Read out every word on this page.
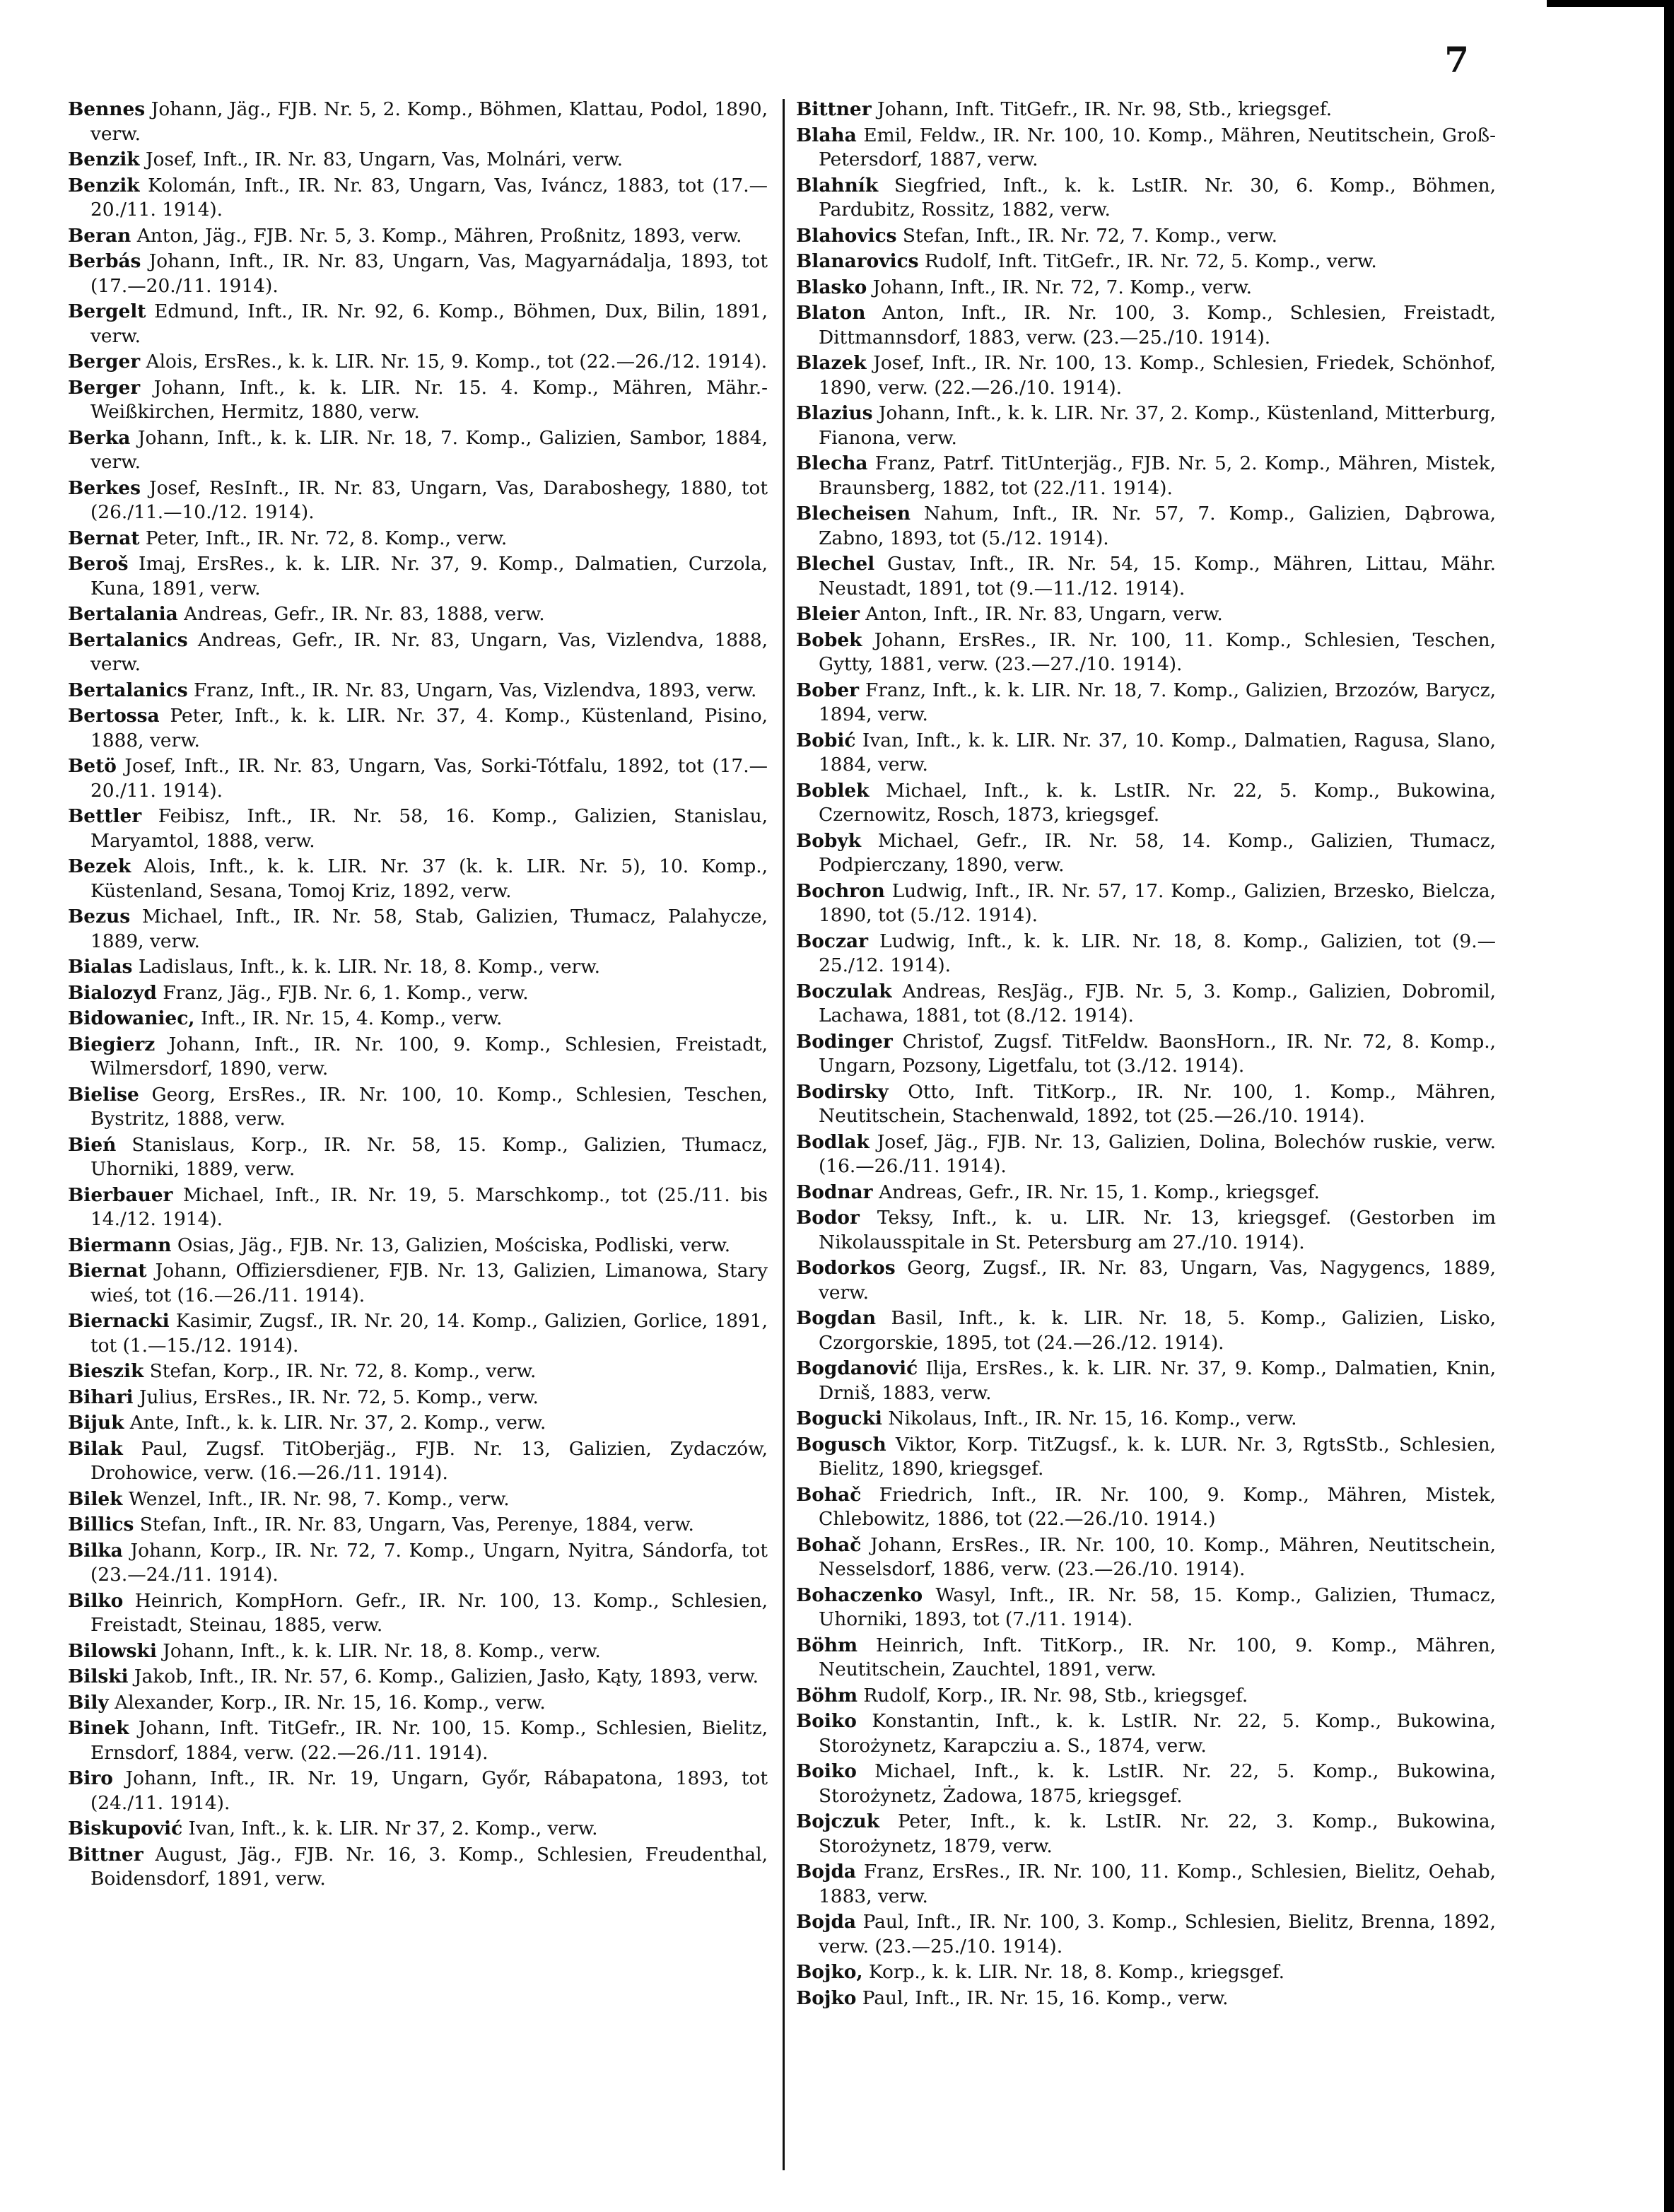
7

Bennes Johann, Jäg., FJB. Nr. 5, 2. Komp., Böhmen, Klattau, Podol, 1890, verw.

Benzik Josef, Inft., IR. Nr. 83, Ungarn, Vas, Molnári, verw.

Benzik Kolomán, Inft., IR. Nr. 83, Ungarn, Vas, Iváncz, 1883, tot (17.—20./11. 1914).

Beran Anton, Jäg., FJB. Nr. 5, 3. Komp., Mähren, Proßnitz, 1893, verw.

Berbás Johann, Inft., IR. Nr. 83, Ungarn, Vas, Magyarnádalja, 1893, tot (17.—20./11. 1914).

Bergelt Edmund, Inft., IR. Nr. 92, 6. Komp., Böhmen, Dux, Bilin, 1891, verw.

Berger Alois, ErsRes., k. k. LIR. Nr. 15, 9. Komp., tot (22.—26./12. 1914).

Berger Johann, Inft., k. k. LIR. Nr. 15. 4. Komp., Mähren, Mähr.-Weißkirchen, Hermitz, 1880, verw.

Berka Johann, Inft., k. k. LIR. Nr. 18, 7. Komp., Galizien, Sambor, 1884, verw.

Berkes Josef, ResInft., IR. Nr. 83, Ungarn, Vas, Daraboshegy, 1880, tot (26./11.—10./12. 1914).

Bernat Peter, Inft., IR. Nr. 72, 8. Komp., verw.

Beroš Imaj, ErsRes., k. k. LIR. Nr. 37, 9. Komp., Dalmatien, Curzola, Kuna, 1891, verw.

Bertalania Andreas, Gefr., IR. Nr. 83, 1888, verw.

Bertalanics Andreas, Gefr., IR. Nr. 83, Ungarn, Vas, Vizlendva, 1888, verw.

Bertalanics Franz, Inft., IR. Nr. 83, Ungarn, Vas, Vizlendva, 1893, verw.

Bertossa Peter, Inft., k. k. LIR. Nr. 37, 4. Komp., Küstenland, Pisino, 1888, verw.

Betö Josef, Inft., IR. Nr. 83, Ungarn, Vas, Sorki-Tótfalu, 1892, tot (17.—20./11. 1914).

Bettler Feibisz, Inft., IR. Nr. 58, 16. Komp., Galizien, Stanislau, Maryamtol, 1888, verw.

Bezek Alois, Inft., k. k. LIR. Nr. 37 (k. k. LIR. Nr. 5), 10. Komp., Küstenland, Sesana, Tomoj Kriz, 1892, verw.

Bezus Michael, Inft., IR. Nr. 58, Stab, Galizien, Tłumacz, Palahycze, 1889, verw.

Bialas Ladislaus, Inft., k. k. LIR. Nr. 18, 8. Komp., verw.

Bialozyd Franz, Jäg., FJB. Nr. 6, 1. Komp., verw.

Bidowaniec, Inft., IR. Nr. 15, 4. Komp., verw.

Biegierz Johann, Inft., IR. Nr. 100, 9. Komp., Schlesien, Freistadt, Wilmersdorf, 1890, verw.

Bielise Georg, ErsRes., IR. Nr. 100, 10. Komp., Schlesien, Teschen, Bystritz, 1888, verw.

Bień Stanislaus, Korp., IR. Nr. 58, 15. Komp., Galizien, Tłumacz, Uhorniki, 1889, verw.

Bierbauer Michael, Inft., IR. Nr. 19, 5. Marschkomp., tot (25./11. bis 14./12. 1914).

Biermann Osias, Jäg., FJB. Nr. 13, Galizien, Mościska, Podliski, verw.

Biernat Johann, Offiziersdiener, FJB. Nr. 13, Galizien, Limanowa, Stary wieś, tot (16.—26./11. 1914).

Biernacki Kasimir, Zugsf., IR. Nr. 20, 14. Komp., Galizien, Gorlice, 1891, tot (1.—15./12. 1914).

Bieszik Stefan, Korp., IR. Nr. 72, 8. Komp., verw.

Bihari Julius, ErsRes., IR. Nr. 72, 5. Komp., verw.

Bijuk Ante, Inft., k. k. LIR. Nr. 37, 2. Komp., verw.

Bilak Paul, Zugsf. TitOberjäg., FJB. Nr. 13, Galizien, Zydaczów, Drohowice, verw. (16.—26./11. 1914).

Bilek Wenzel, Inft., IR. Nr. 98, 7. Komp., verw.

Billics Stefan, Inft., IR. Nr. 83, Ungarn, Vas, Perenye, 1884, verw.

Bilka Johann, Korp., IR. Nr. 72, 7. Komp., Ungarn, Nyitra, Sándorfa, tot (23.—24./11. 1914).

Bilko Heinrich, KompHorn. Gefr., IR. Nr. 100, 13. Komp., Schlesien, Freistadt, Steinau, 1885, verw.

Bilowski Johann, Inft., k. k. LIR. Nr. 18, 8. Komp., verw.

Bilski Jakob, Inft., IR. Nr. 57, 6. Komp., Galizien, Jasło, Kąty, 1893, verw.

Bily Alexander, Korp., IR. Nr. 15, 16. Komp., verw.

Binek Johann, Inft. TitGefr., IR. Nr. 100, 15. Komp., Schlesien, Bielitz, Ernsdorf, 1884, verw. (22.—26./11. 1914).

Biro Johann, Inft., IR. Nr. 19, Ungarn, Győr, Rábapatona, 1893, tot (24./11. 1914).

Biskupović Ivan, Inft., k. k. LIR. Nr 37, 2. Komp., verw.

Bittner August, Jäg., FJB. Nr. 16, 3. Komp., Schlesien, Freudenthal, Boidensdorf, 1891, verw.

Bittner Johann, Inft. TitGefr., IR. Nr. 98, Stb., kriegsgef.

Blaha Emil, Feldw., IR. Nr. 100, 10. Komp., Mähren, Neutitschein, Groß-Petersdorf, 1887, verw.

Blahník Siegfried, Inft., k. k. LstIR. Nr. 30, 6. Komp., Böhmen, Pardubitz, Rossitz, 1882, verw.

Blahovics Stefan, Inft., IR. Nr. 72, 7. Komp., verw.

Blanarovics Rudolf, Inft. TitGefr., IR. Nr. 72, 5. Komp., verw.

Blasko Johann, Inft., IR. Nr. 72, 7. Komp., verw.

Blaton Anton, Inft., IR. Nr. 100, 3. Komp., Schlesien, Freistadt, Dittmannsdorf, 1883, verw. (23.—25./10. 1914).

Blazek Josef, Inft., IR. Nr. 100, 13. Komp., Schlesien, Friedek, Schönhof, 1890, verw. (22.—26./10. 1914).

Blazius Johann, Inft., k. k. LIR. Nr. 37, 2. Komp., Küstenland, Mitterburg, Fianona, verw.

Blecha Franz, Patrf. TitUnterjäg., FJB. Nr. 5, 2. Komp., Mähren, Mistek, Braunsberg, 1882, tot (22./11. 1914).

Blecheisen Nahum, Inft., IR. Nr. 57, 7. Komp., Galizien, Dąbrowa, Zabno, 1893, tot (5./12. 1914).

Blechel Gustav, Inft., IR. Nr. 54, 15. Komp., Mähren, Littau, Mähr. Neustadt, 1891, tot (9.—11./12. 1914).

Bleier Anton, Inft., IR. Nr. 83, Ungarn, verw.

Bobek Johann, ErsRes., IR. Nr. 100, 11. Komp., Schlesien, Teschen, Gytty, 1881, verw. (23.—27./10. 1914).

Bober Franz, Inft., k. k. LIR. Nr. 18, 7. Komp., Galizien, Brzozów, Barycz, 1894, verw.

Bobić Ivan, Inft., k. k. LIR. Nr. 37, 10. Komp., Dalmatien, Ragusa, Slano, 1884, verw.

Boblek Michael, Inft., k. k. LstIR. Nr. 22, 5. Komp., Bukowina, Czernowitz, Rosch, 1873, kriegsgef.

Bobyk Michael, Gefr., IR. Nr. 58, 14. Komp., Galizien, Tłumacz, Podpierczany, 1890, verw.

Bochron Ludwig, Inft., IR. Nr. 57, 17. Komp., Galizien, Brzesko, Bielcza, 1890, tot (5./12. 1914).

Boczar Ludwig, Inft., k. k. LIR. Nr. 18, 8. Komp., Galizien, tot (9.—25./12. 1914).

Boczulak Andreas, ResJäg., FJB. Nr. 5, 3. Komp., Galizien, Dobromil, Lachawa, 1881, tot (8./12. 1914).

Bodinger Christof, Zugsf. TitFeldw. BaonsHorn., IR. Nr. 72, 8. Komp., Ungarn, Pozsony, Ligetfalu, tot (3./12. 1914).

Bodirsky Otto, Inft. TitKorp., IR. Nr. 100, 1. Komp., Mähren, Neutitschein, Stachenwald, 1892, tot (25.—26./10. 1914).

Bodlak Josef, Jäg., FJB. Nr. 13, Galizien, Dolina, Bolechów ruskie, verw. (16.—26./11. 1914).

Bodnar Andreas, Gefr., IR. Nr. 15, 1. Komp., kriegsgef.

Bodor Teksy, Inft., k. u. LIR. Nr. 13, kriegsgef. (Gestorben im Nikolausspitale in St. Petersburg am 27./10. 1914).

Bodorkos Georg, Zugsf., IR. Nr. 83, Ungarn, Vas, Nagygencs, 1889, verw.

Bogdan Basil, Inft., k. k. LIR. Nr. 18, 5. Komp., Galizien, Lisko, Czorgorskie, 1895, tot (24.—26./12. 1914).

Bogdanović Ilija, ErsRes., k. k. LIR. Nr. 37, 9. Komp., Dalmatien, Knin, Drniš, 1883, verw.

Bogucki Nikolaus, Inft., IR. Nr. 15, 16. Komp., verw.

Bogusch Viktor, Korp. TitZugsf., k. k. LUR. Nr. 3, RgtsStb., Schlesien, Bielitz, 1890, kriegsgef.

Bohač Friedrich, Inft., IR. Nr. 100, 9. Komp., Mähren, Mistek, Chlebowitz, 1886, tot (22.—26./10. 1914.)

Bohač Johann, ErsRes., IR. Nr. 100, 10. Komp., Mähren, Neutitschein, Nesselsdorf, 1886, verw. (23.—26./10. 1914).

Bohaczenko Wasyl, Inft., IR. Nr. 58, 15. Komp., Galizien, Tłumacz, Uhorniki, 1893, tot (7./11. 1914).

Böhm Heinrich, Inft. TitKorp., IR. Nr. 100, 9. Komp., Mähren, Neutitschein, Zauchtel, 1891, verw.

Böhm Rudolf, Korp., IR. Nr. 98, Stb., kriegsgef.

Boiko Konstantin, Inft., k. k. LstIR. Nr. 22, 5. Komp., Bukowina, Storożynetz, Karapcziu a. S., 1874, verw.

Boiko Michael, Inft., k. k. LstIR. Nr. 22, 5. Komp., Bukowina, Storożynetz, Żadowa, 1875, kriegsgef.

Bojczuk Peter, Inft., k. k. LstIR. Nr. 22, 3. Komp., Bukowina, Storożynetz, 1879, verw.

Bojda Franz, ErsRes., IR. Nr. 100, 11. Komp., Schlesien, Bielitz, Oehab, 1883, verw.

Bojda Paul, Inft., IR. Nr. 100, 3. Komp., Schlesien, Bielitz, Brenna, 1892, verw. (23.—25./10. 1914).

Bojko, Korp., k. k. LIR. Nr. 18, 8. Komp., kriegsgef.

Bojko Paul, Inft., IR. Nr. 15, 16. Komp., verw.
